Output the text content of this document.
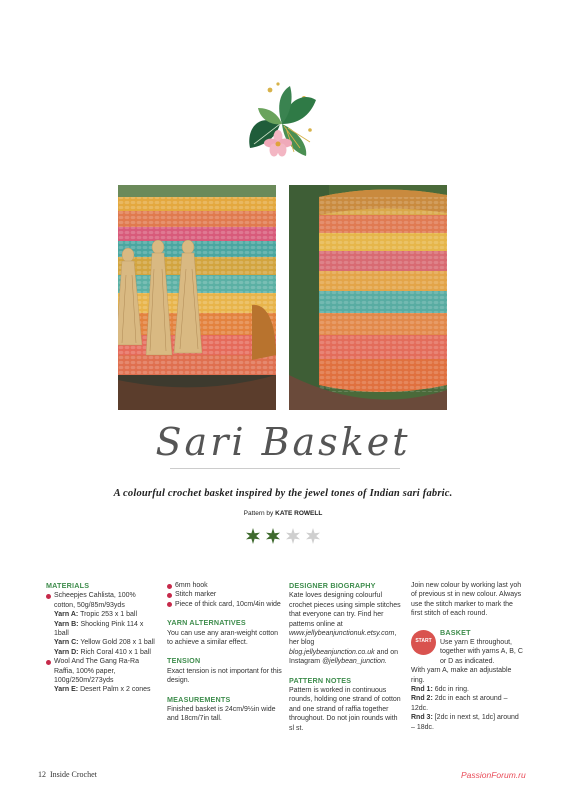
Sari Basket
A colourful crochet basket inspired by the jewel tones of Indian sari fabric.
Pattern by KATE ROWELL
MATERIALS
Scheepjes Cahlista, 100% cotton, 50g/85m/93yds
Yarn A: Tropic 253 x 1 ball
Yarn B: Shocking Pink 114 x 1ball
Yarn C: Yellow Gold 208 x 1 ball
Yarn D: Rich Coral 410 x 1 ball
Wool And The Gang Ra-Ra Raffia, 100% paper, 100g/250m/273yds
Yarn E: Desert Palm x 2 cones
6mm hook
Stitch marker
Piece of thick card, 10cm/4in wide
YARN ALTERNATIVES
You can use any aran-weight cotton to achieve a similar effect.
TENSION
Exact tension is not important for this design.
MEASUREMENTS
Finished basket is 24cm/9½in wide and 18cm/7in tall.
DESIGNER BIOGRAPHY
Kate loves designing colourful crochet pieces using simple stitches that everyone can try. Find her patterns online at www.jellybeanjunctionuk.etsy.com, her blog blog.jellybeanjunction.co.uk and on Instagram @jellybean_junction.
PATTERN NOTES
Pattern is worked in continuous rounds, holding one strand of cotton and one strand of raffia together throughout. Do not join rounds with sl st.
Join new colour by working last yoh of previous st in new colour. Always use the stitch marker to mark the first stitch of each round.
START
BASKET
Use yarn E throughout, together with yarns A, B, C or D as indicated.
With yarn A, make an adjustable ring.
Rnd 1: 6dc in ring.
Rnd 2: 2dc in each st around – 12dc.
Rnd 3: [2dc in next st, 1dc] around – 18dc.
12 Inside Crochet	PassionForum.ru
